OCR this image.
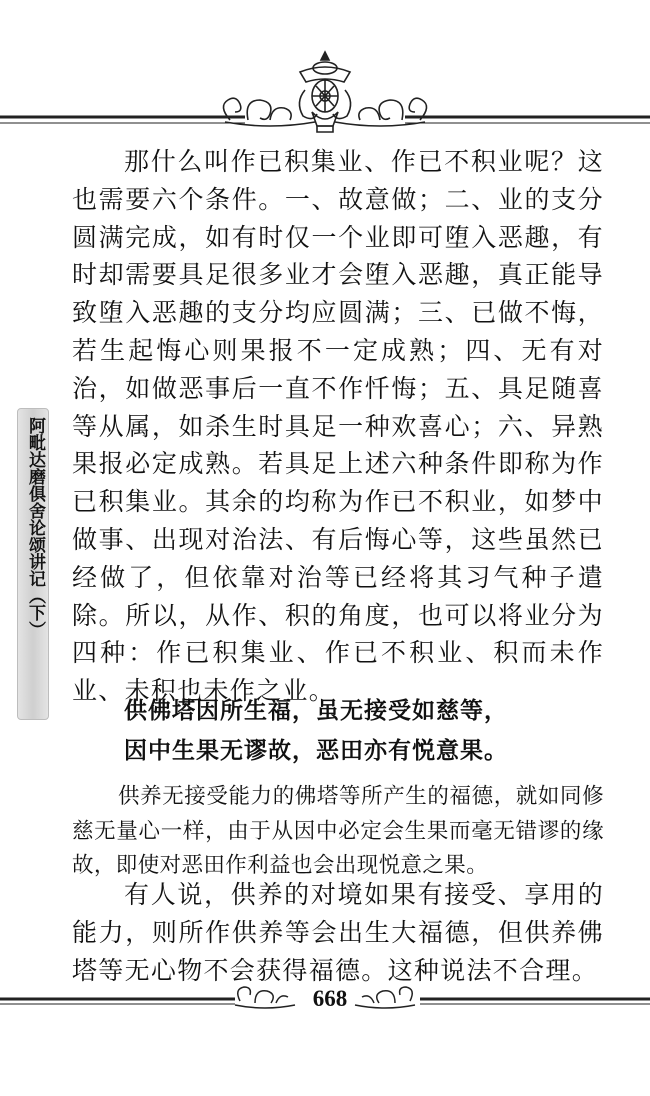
阿毗达磨俱舍论颂讲记（下）

那什么叫作已积集业、作已不积业呢？这也需要六个条件。一、故意做；二、业的支分圆满完成，如有时仅一个业即可堕入恶趣，有时却需要具足很多业才会堕入恶趣，真正能导致堕入恶趣的支分均应圆满；三、已做不悔，若生起悔心则果报不一定成熟；四、无有对治，如做恶事后一直不作忏悔；五、具足随喜等从属，如杀生时具足一种欢喜心；六、异熟果报必定成熟。若具足上述六种条件即称为作已积集业。其余的均称为作已不积业，如梦中做事、出现对治法、有后悔心等，这些虽然已经做了，但依靠对治等已经将其习气种子遣除。所以，从作、积的角度，也可以将业分为四种：作已积集业、作已不积业、积而未作业、未积也未作之业。

供佛塔因所生福，虽无接受如慈等，
因中生果无谬故，恶田亦有悦意果。

供养无接受能力的佛塔等所产生的福德，就如同修慈无量心一样，由于从因中必定会生果而毫无错谬的缘故，即使对恶田作利益也会出现悦意之果。

有人说，供养的对境如果有接受、享用的能力，则所作供养等会出生大福德，但供养佛塔等无心物不会获得福德。这种说法不合理。

668
